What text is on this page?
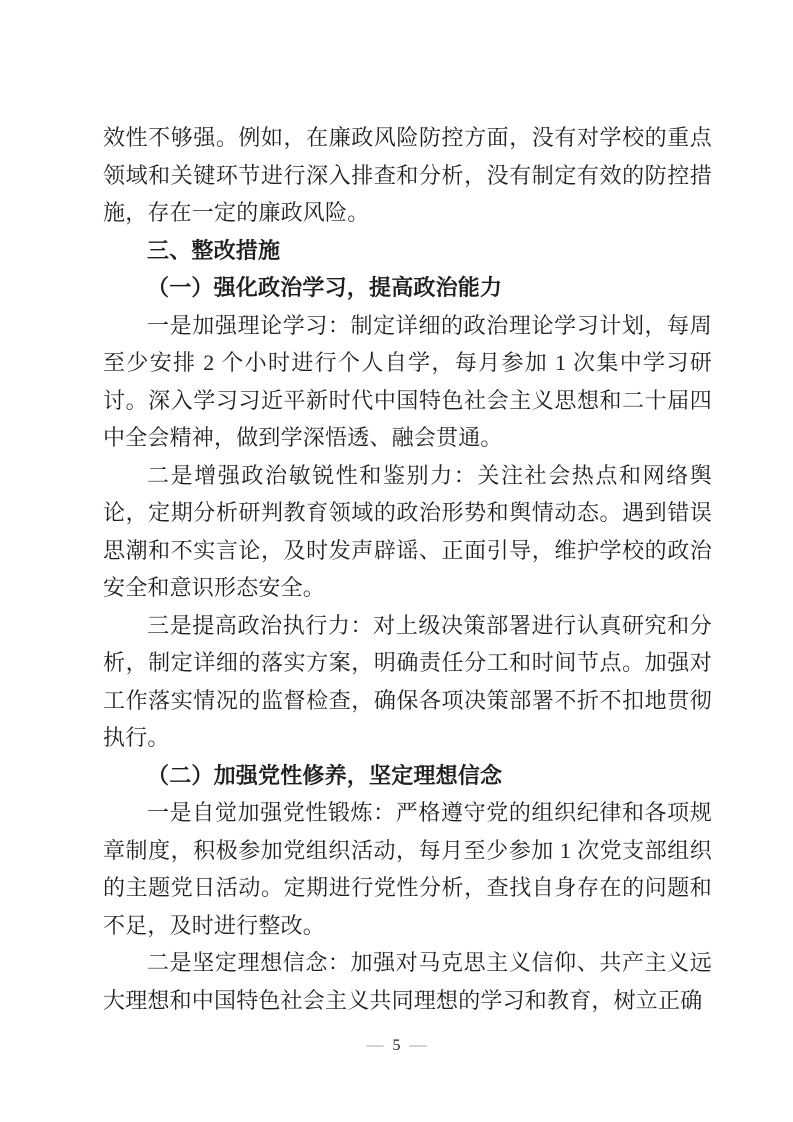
效性不够强。例如，在廉政风险防控方面，没有对学校的重点领域和关键环节进行深入排查和分析，没有制定有效的防控措施，存在一定的廉政风险。

三、整改措施

（一）强化政治学习，提高政治能力

一是加强理论学习：制定详细的政治理论学习计划，每周至少安排 2 个小时进行个人自学，每月参加 1 次集中学习研讨。深入学习习近平新时代中国特色社会主义思想和二十届四中全会精神，做到学深悟透、融会贯通。

二是增强政治敏锐性和鉴别力：关注社会热点和网络舆论，定期分析研判教育领域的政治形势和舆情动态。遇到错误思潮和不实言论，及时发声辟谣、正面引导，维护学校的政治安全和意识形态安全。

三是提高政治执行力：对上级决策部署进行认真研究和分析，制定详细的落实方案，明确责任分工和时间节点。加强对工作落实情况的监督检查，确保各项决策部署不折不扣地贯彻执行。

（二）加强党性修养，坚定理想信念

一是自觉加强党性锻炼：严格遵守党的组织纪律和各项规章制度，积极参加党组织活动，每月至少参加 1 次党支部组织的主题党日活动。定期进行党性分析，查找自身存在的问题和不足，及时进行整改。

二是坚定理想信念：加强对马克思主义信仰、共产主义远大理想和中国特色社会主义共同理想的学习和教育，树立正确

— 5 —
